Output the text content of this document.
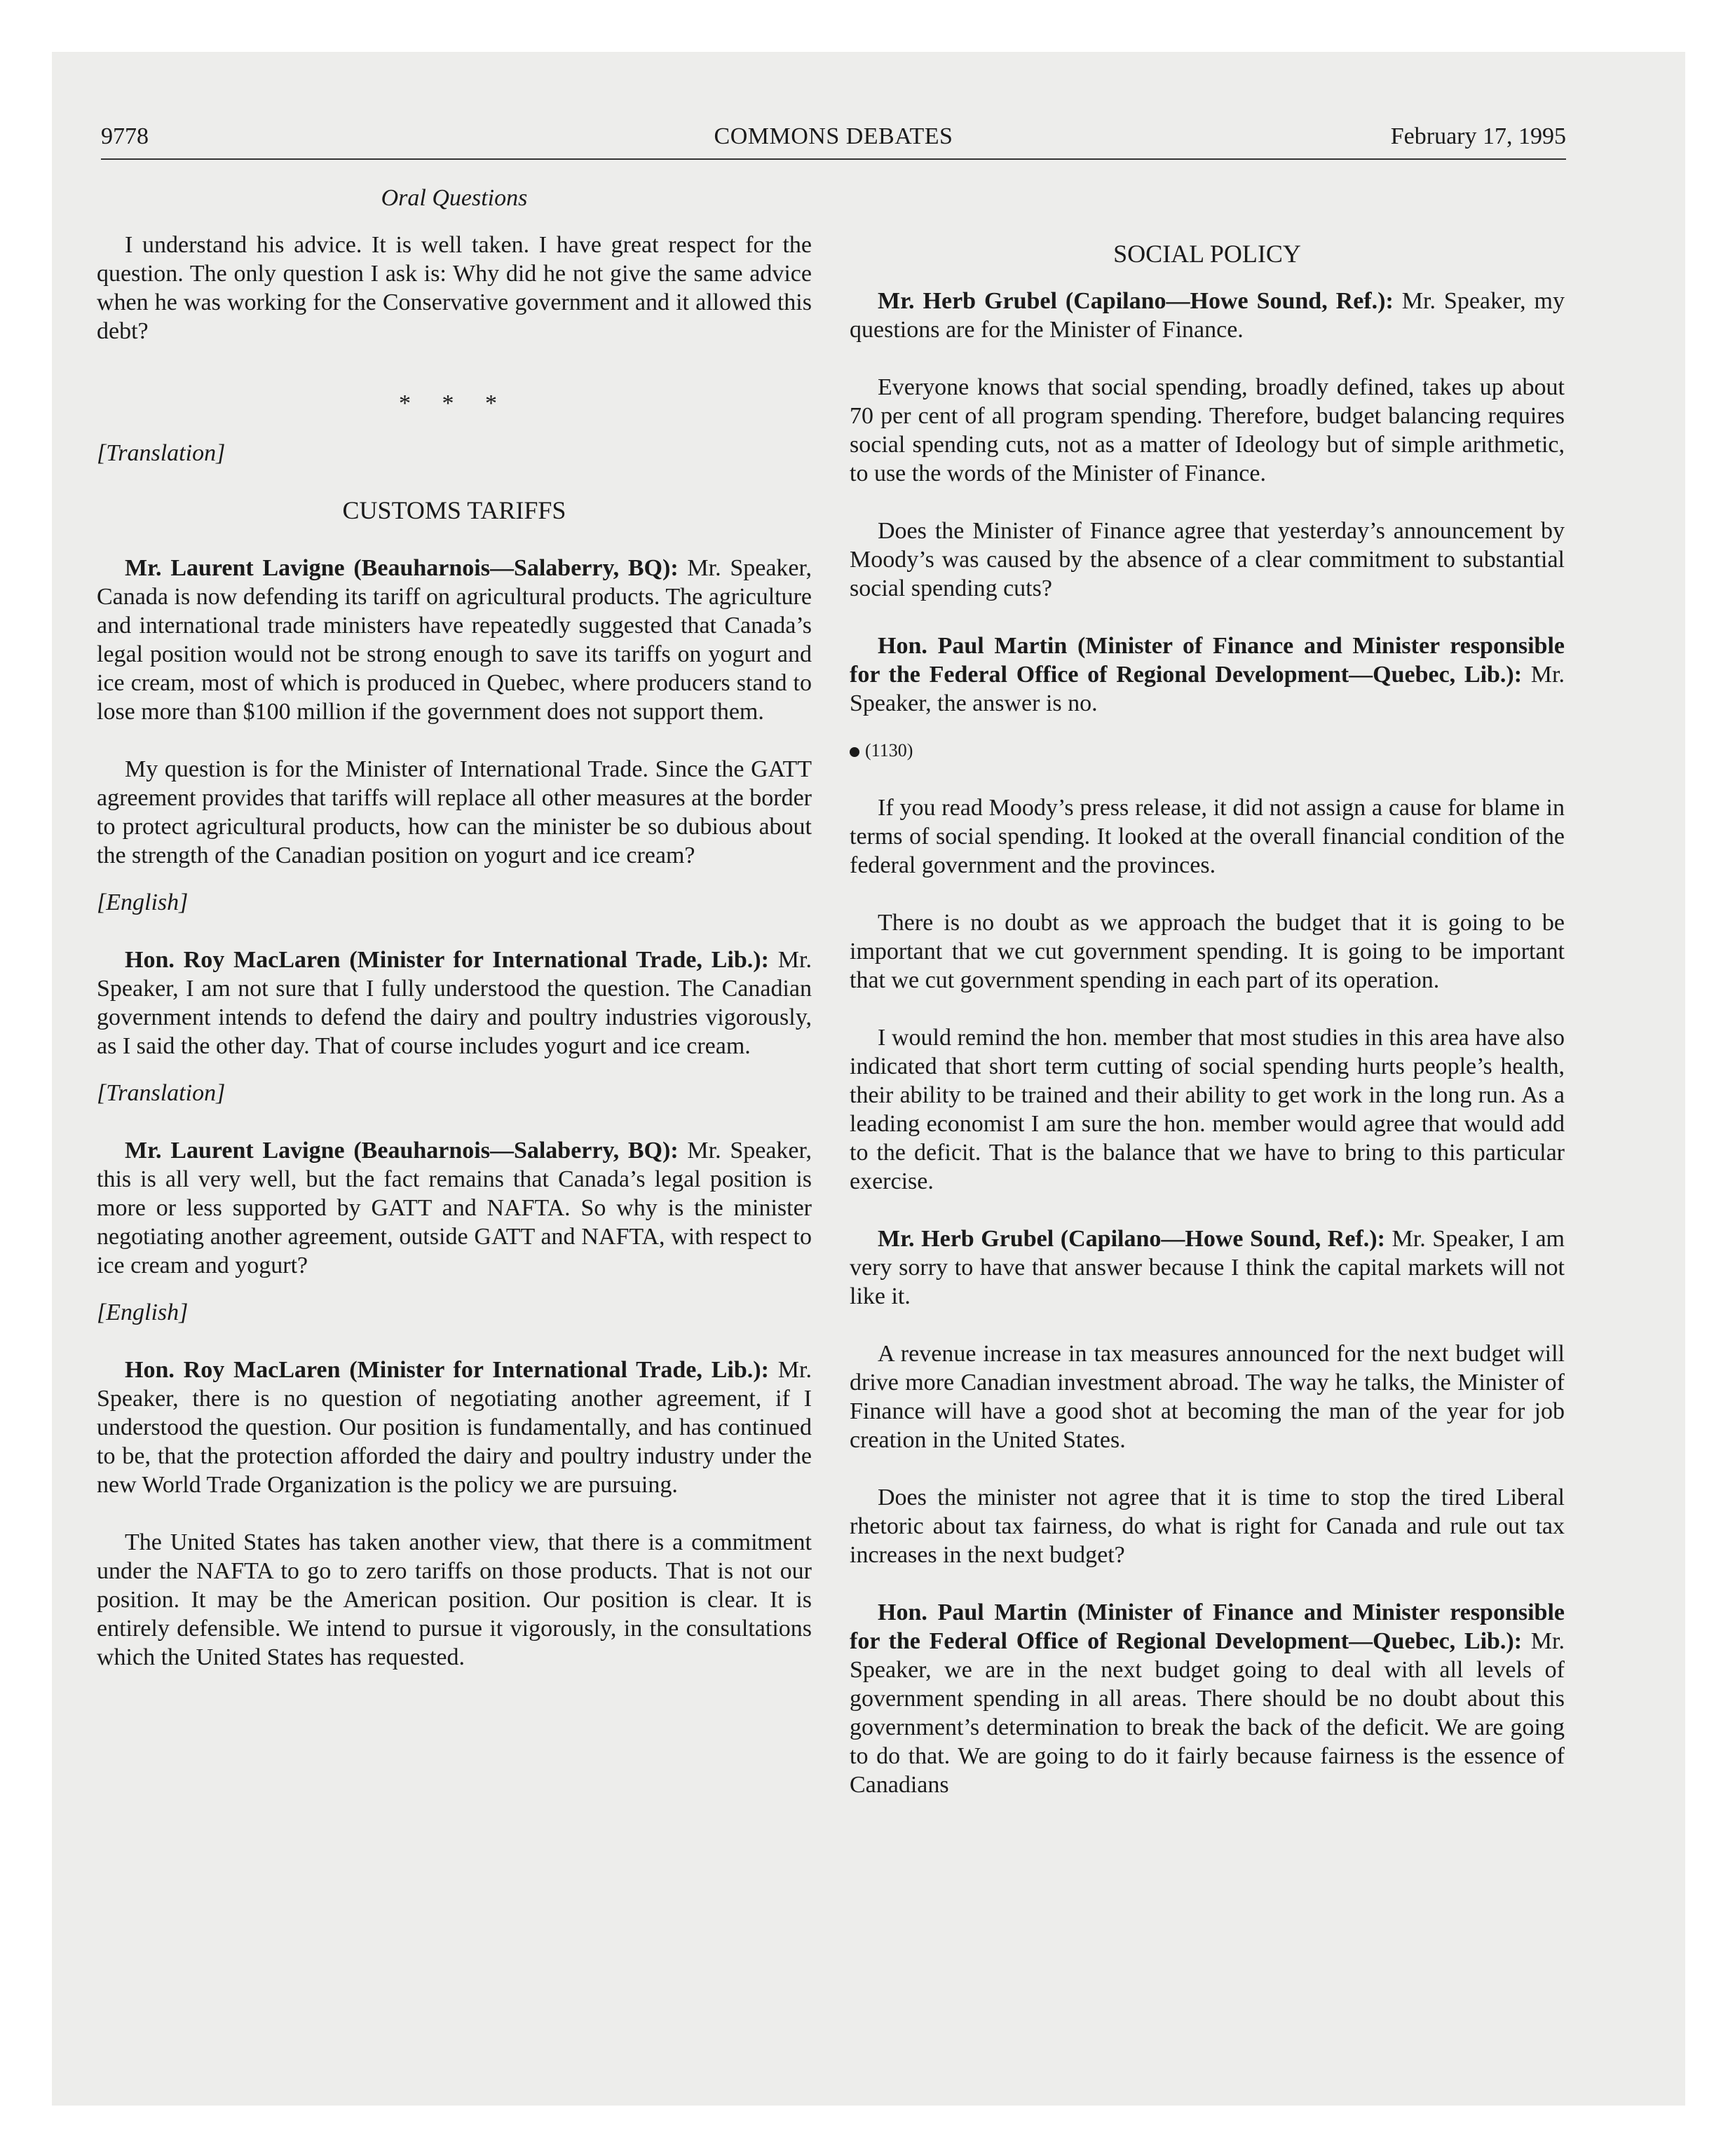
9778	COMMONS DEBATES	February 17, 1995

Oral Questions

I understand his advice. It is well taken. I have great respect for the question. The only question I ask is: Why did he not give the same advice when he was working for the Conservative government and it allowed this debt?

* * *

[Translation]

CUSTOMS TARIFFS

Mr. Laurent Lavigne (Beauharnois—Salaberry, BQ): Mr. Speaker, Canada is now defending its tariff on agricultural products. The agriculture and international trade ministers have repeatedly suggested that Canada’s legal position would not be strong enough to save its tariffs on yogurt and ice cream, most of which is produced in Quebec, where producers stand to lose more than $100 million if the government does not support them.

My question is for the Minister of International Trade. Since the GATT agreement provides that tariffs will replace all other measures at the border to protect agricultural products, how can the minister be so dubious about the strength of the Canadian position on yogurt and ice cream?

[English]

Hon. Roy MacLaren (Minister for International Trade, Lib.): Mr. Speaker, I am not sure that I fully understood the question. The Canadian government intends to defend the dairy and poultry industries vigorously, as I said the other day. That of course includes yogurt and ice cream.

[Translation]

Mr. Laurent Lavigne (Beauharnois—Salaberry, BQ): Mr. Speaker, this is all very well, but the fact remains that Canada’s legal position is more or less supported by GATT and NAFTA. So why is the minister negotiating another agreement, outside GATT and NAFTA, with respect to ice cream and yogurt?

[English]

Hon. Roy MacLaren (Minister for International Trade, Lib.): Mr. Speaker, there is no question of negotiating another agreement, if I understood the question. Our position is fundamentally, and has continued to be, that the protection afforded the dairy and poultry industry under the new World Trade Organization is the policy we are pursuing.

The United States has taken another view, that there is a commitment under the NAFTA to go to zero tariffs on those products. That is not our position. It may be the American position. Our position is clear. It is entirely defensible. We intend to pursue it vigorously, in the consultations which the United States has requested.

SOCIAL POLICY

Mr. Herb Grubel (Capilano—Howe Sound, Ref.): Mr. Speaker, my questions are for the Minister of Finance.

Everyone knows that social spending, broadly defined, takes up about 70 per cent of all program spending. Therefore, budget balancing requires social spending cuts, not as a matter of Ideology but of simple arithmetic, to use the words of the Minister of Finance.

Does the Minister of Finance agree that yesterday’s announcement by Moody’s was caused by the absence of a clear commitment to substantial social spending cuts?

Hon. Paul Martin (Minister of Finance and Minister responsible for the Federal Office of Regional Development—Quebec, Lib.): Mr. Speaker, the answer is no.

(1130)

If you read Moody’s press release, it did not assign a cause for blame in terms of social spending. It looked at the overall financial condition of the federal government and the provinces.

There is no doubt as we approach the budget that it is going to be important that we cut government spending. It is going to be important that we cut government spending in each part of its operation.

I would remind the hon. member that most studies in this area have also indicated that short term cutting of social spending hurts people’s health, their ability to be trained and their ability to get work in the long run. As a leading economist I am sure the hon. member would agree that would add to the deficit. That is the balance that we have to bring to this particular exercise.

Mr. Herb Grubel (Capilano—Howe Sound, Ref.): Mr. Speaker, I am very sorry to have that answer because I think the capital markets will not like it.

A revenue increase in tax measures announced for the next budget will drive more Canadian investment abroad. The way he talks, the Minister of Finance will have a good shot at becoming the man of the year for job creation in the United States.

Does the minister not agree that it is time to stop the tired Liberal rhetoric about tax fairness, do what is right for Canada and rule out tax increases in the next budget?

Hon. Paul Martin (Minister of Finance and Minister responsible for the Federal Office of Regional Development—Quebec, Lib.): Mr. Speaker, we are in the next budget going to deal with all levels of government spending in all areas. There should be no doubt about this government’s determination to break the back of the deficit. We are going to do that. We are going to do it fairly because fairness is the essence of Canadians
